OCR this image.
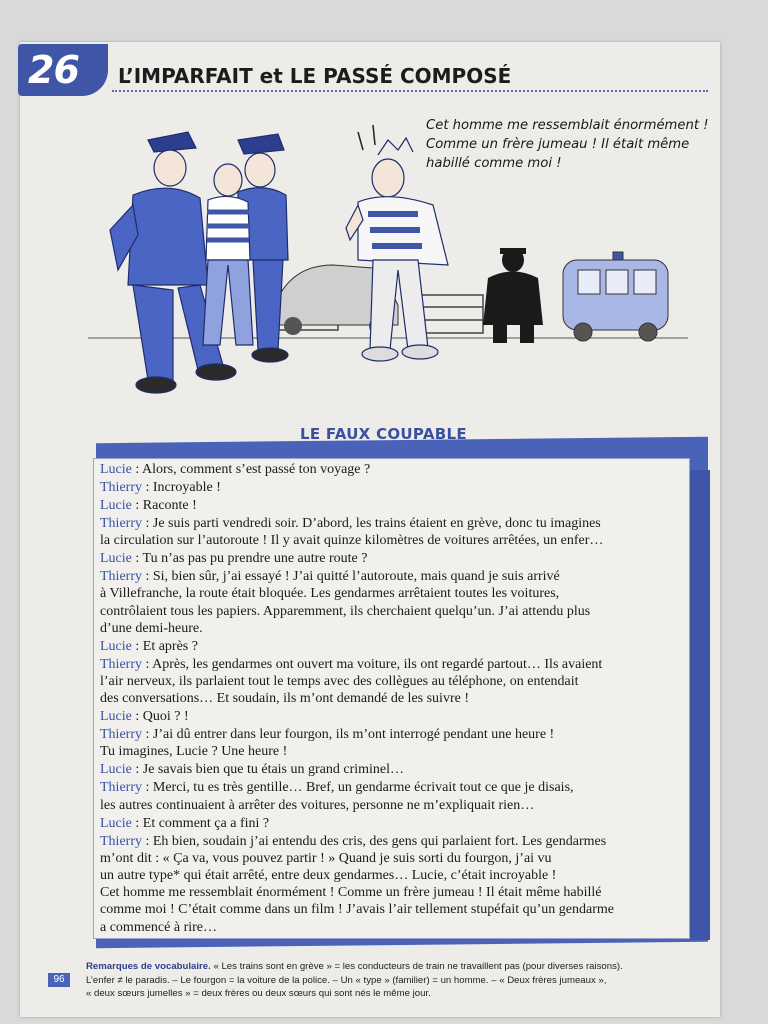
26 L’IMPARFAIT et LE PASSÉ COMPOSÉ
Cet homme me ressemblait énormément !
Comme un frère jumeau ! Il était même
habillé comme moi !
LE FAUX COUPABLE
Lucie : Alors, comment s’est passé ton voyage ?
Thierry : Incroyable !
Lucie : Raconte !
Thierry : Je suis parti vendredi soir. D’abord, les trains étaient en grève, donc tu imagines
la circulation sur l’autoroute ! Il y avait quinze kilomètres de voitures arrêtées, un enfer…
Lucie : Tu n’as pas pu prendre une autre route ?
Thierry : Si, bien sûr, j’ai essayé ! J’ai quitté l’autoroute, mais quand je suis arrivé
à Villefranche, la route était bloquée. Les gendarmes arrêtaient toutes les voitures,
contrôlaient tous les papiers. Apparemment, ils cherchaient quelqu’un. J’ai attendu plus
d’une demi-heure.
Lucie : Et après ?
Thierry : Après, les gendarmes ont ouvert ma voiture, ils ont regardé partout… Ils avaient
l’air nerveux, ils parlaient tout le temps avec des collègues au téléphone, on entendait
des conversations… Et soudain, ils m’ont demandé de les suivre !
Lucie : Quoi ? !
Thierry : J’ai dû entrer dans leur fourgon, ils m’ont interrogé pendant une heure !
Tu imagines, Lucie ? Une heure !
Lucie : Je savais bien que tu étais un grand criminel…
Thierry : Merci, tu es très gentille… Bref, un gendarme écrivait tout ce que je disais,
les autres continuaient à arrêter des voitures, personne ne m’expliquait rien…
Lucie : Et comment ça a fini ?
Thierry : Eh bien, soudain j’ai entendu des cris, des gens qui parlaient fort. Les gendarmes
m’ont dit : « Ça va, vous pouvez partir ! » Quand je suis sorti du fourgon, j’ai vu
un autre type* qui était arrêté, entre deux gendarmes… Lucie, c’était incroyable !
Cet homme me ressemblait énormément ! Comme un frère jumeau ! Il était même habillé
comme moi ! C’était comme dans un film ! J’avais l’air tellement stupéfait qu’un gendarme
a commencé à rire…
Remarques de vocabulaire. « Les trains sont en grève » = les conducteurs de train ne travaillent pas (pour diverses raisons).
L’enfer ≠ le paradis. – Le fourgon = la voiture de la police. – Un « type » (familier) = un homme. – « Deux frères jumeaux »,
« deux sœurs jumelles » = deux frères ou deux sœurs qui sont nés le même jour.
96
